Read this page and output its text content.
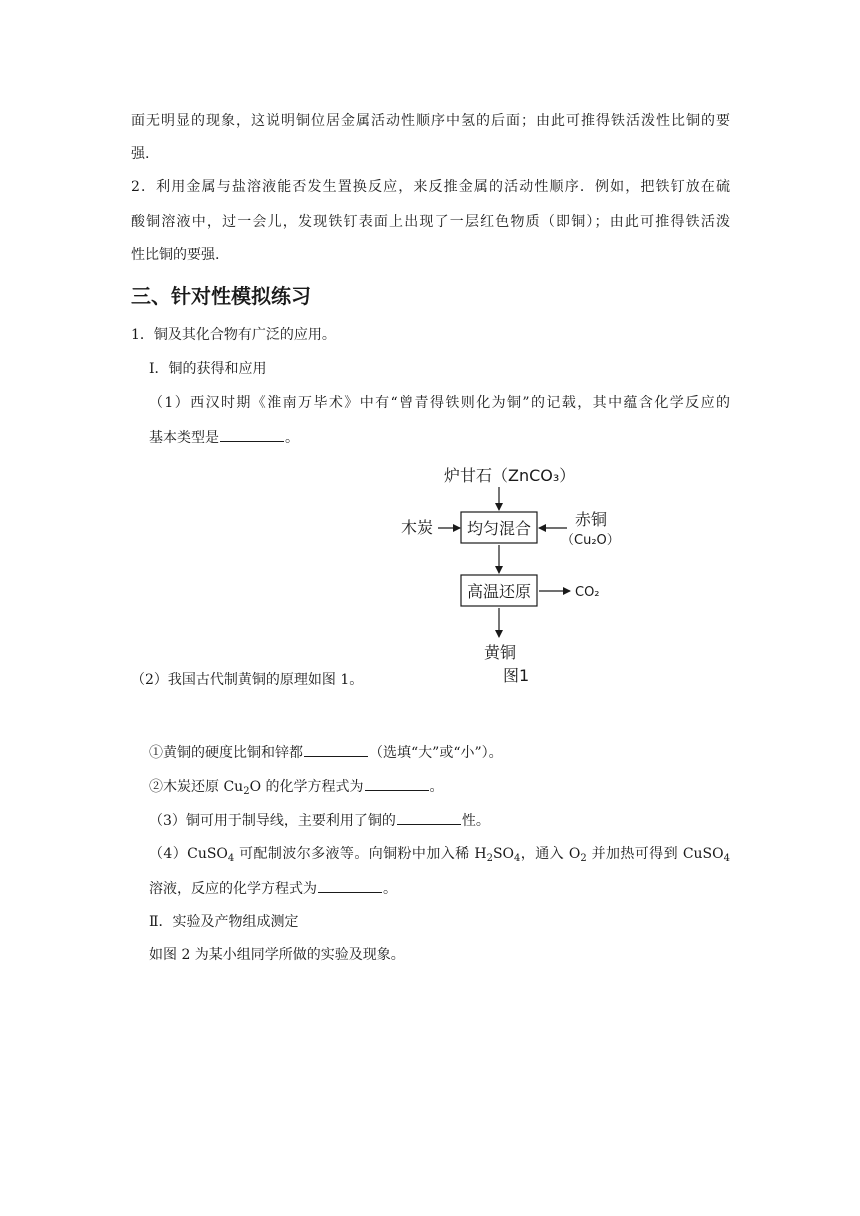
面无明显的现象，这说明铜位居金属活动性顺序中氢的后面；由此可推得铁活泼性比铜的要
强.
2．利用金属与盐溶液能否发生置换反应，来反推金属的活动性顺序．例如，把铁钉放在硫
酸铜溶液中，过一会儿，发现铁钉表面上出现了一层红色物质（即铜）；由此可推得铁活泼
性比铜的要强.
三、针对性模拟练习
1．铜及其化合物有广泛的应用。
Ⅰ．铜的获得和应用
（1）西汉时期《淮南万毕术》中有“曾青得铁则化为铜”的记载，其中蕴含化学反应的
基本类型是	。
炉甘石（ZnCO₃）
木炭 均匀混合	赤铜
（Cu₂O）
高温还原	CO₂
黄铜
图1
（2）我国古代制黄铜的原理如图 1。
①黄铜的硬度比铜和锌都	（选填“大”或“小”）。
②木炭还原 $Cu_2O$ 的化学方程式为	。
（3）铜可用于制导线，主要利用了铜的	性。
（4）CuSO$_4$ 可配制波尔多液等。向铜粉中加入稀 $H_2SO_4$，通入 $O_2$ 并加热可得到 CuSO$_4$
溶液，反应的化学方程式为	。
Ⅱ．实验及产物组成测定
如图 2 为某小组同学所做的实验及现象。
